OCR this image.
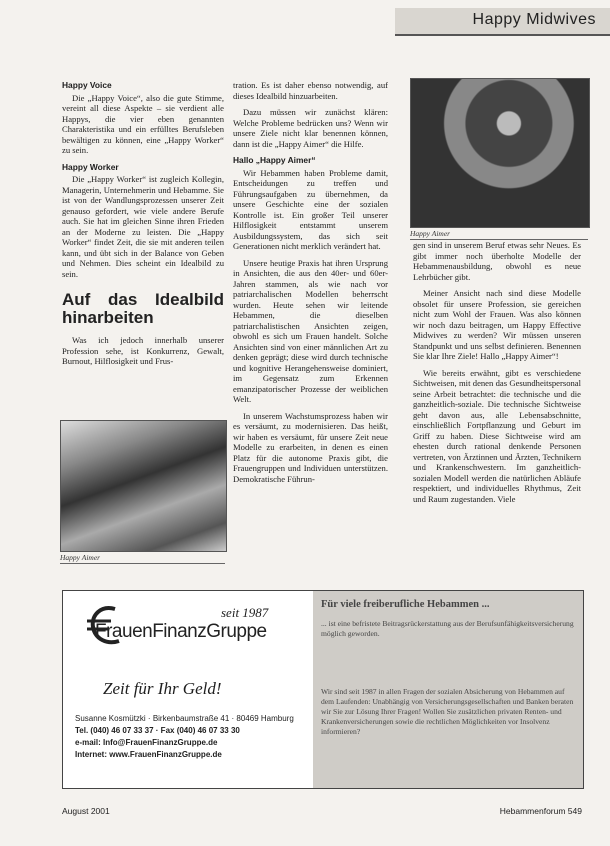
Happy Midwives
Happy Voice

Die „Happy Voice“, also die gute Stimme, vereint all diese Aspekte – sie verdient alle Happys, die vier eben genannten Charakteristika und ein erfülltes Berufsleben bewältigen zu können, eine „Happy Worker“ zu sein.

Happy Worker

Die „Happy Worker“ ist zugleich Kollegin, Managerin, Unternehmerin und Hebamme. Sie ist von der Wandlungsprozessen unserer Zeit genauso gefordert, wie viele andere Berufe auch. Sie hat im gleichen Sinne ihren Frieden an der Moderne zu leisten. Die „Happy Worker“ findet Zeit, die sie mit anderen teilen kann, und übt sich in der Balance von Geben und Nehmen. Dies scheint ein Idealbild zu sein.

Auf das Idealbild hinarbeiten

Was ich jedoch innerhalb unserer Profession sehe, ist Konkurrenz, Gewalt, Burnout, Hilflosigkeit und Frus-

tration. Es ist daher ebenso notwendig, auf dieses Idealbild hinzuarbeiten.

Dazu müssen wir zunächst klären: Welche Probleme bedrücken uns? Wenn wir unsere Ziele nicht klar benennen können, dann ist die „Happy Aimer“ die Hilfe.

Hallo „Happy Aimer“

Wir Hebammen haben Probleme damit, Entscheidungen zu treffen und Führungsaufgaben zu übernehmen, da unsere Geschichte eine der sozialen Kontrolle ist. Ein großer Teil unserer Hilflosigkeit entstammt unserem Ausbildungssystem, das sich seit Generationen nicht merklich verändert hat.

Unsere heutige Praxis hat ihren Ursprung in Ansichten, die aus den 40er- und 60er-Jahren stammen, als wie nach vor patriarchalischen Modellen beherrscht wurden. Heute sehen wir leitende Hebammen, die dieselben patriarchalistischen Ansichten zeigen, obwohl es sich um Frauen handelt. Solche Ansichten sind von einer männlichen Art zu denken geprägt; diese wird durch technische und kognitive Herangehensweise dominiert, im Gegensatz zum Erkennen emanzipatorischer Prozesse der weiblichen Welt.

In unserem Wachstumsprozess haben wir es versäumt, zu modernisieren. Das heißt, wir haben es versäumt, für unsere Zeit neue Modelle zu erarbeiten, in denen es einen Platz für die autonome Praxis gibt, die Frauengruppen und Individuen unterstützen. Demokratische Führun-

Happy Aimer

gen sind in unserem Beruf etwas sehr Neues. Es gibt immer noch überholte Modelle der Hebammenausbildung, obwohl es neue Lehrbücher gibt.

Meiner Ansicht nach sind diese Modelle obsolet für unsere Profession, sie gereichen nicht zum Wohl der Frauen. Was also können wir noch dazu beitragen, um Happy Effective Midwives zu werden? Wir müssen unseren Standpunkt und uns selbst definieren. Benennen Sie klar Ihre Ziele! Hallo „Happy Aimer“!

Wie bereits erwähnt, gibt es verschiedene Sichtweisen, mit denen das Gesundheitspersonal seine Arbeit betrachtet: die technische und die ganzheitlich-soziale. Die technische Sichtweise geht davon aus, alle Lebensabschnitte, einschließlich Fortpflanzung und Geburt im Griff zu haben. Diese Sichtweise wird am ehesten durch rational denkende Personen vertreten, von Ärztinnen und Ärzten, Technikern und Krankenschwestern. Im ganzheitlich-sozialen Modell werden die natürlichen Abläufe respektiert, und individuelles Rhythmus, Zeit und Raum zugestanden. Viele

Happy Aimer
seit 1987
FrauenFinanzGruppe
Zeit für Ihr Geld!
Susanne Kosmützki · Birkenbaumstraße 41 · 80469 Hamburg
Tel. (040) 46 07 33 37 · Fax (040) 46 07 33 30
e-mail: Info@FrauenFinanzGruppe.de
Internet: www.FrauenFinanzGruppe.de
Für viele freiberufliche Hebammen ...
... ist eine befristete Beitragsrückerstattung aus der Berufsunfähigkeitsversicherung möglich geworden.
Wir sind seit 1987 in allen Fragen der sozialen Absicherung von Hebammen auf dem Laufenden: Unabhängig von Versicherungsgesellschaften und Banken beraten wir Sie zur Lösung Ihrer Fragen! Wollen Sie zusätzlichen privaten Renten- und Krankenversicherungen sowie die rechtlichen Möglichkeiten vor Insolvenz informieren?
August 2001	Hebammenforum 549
